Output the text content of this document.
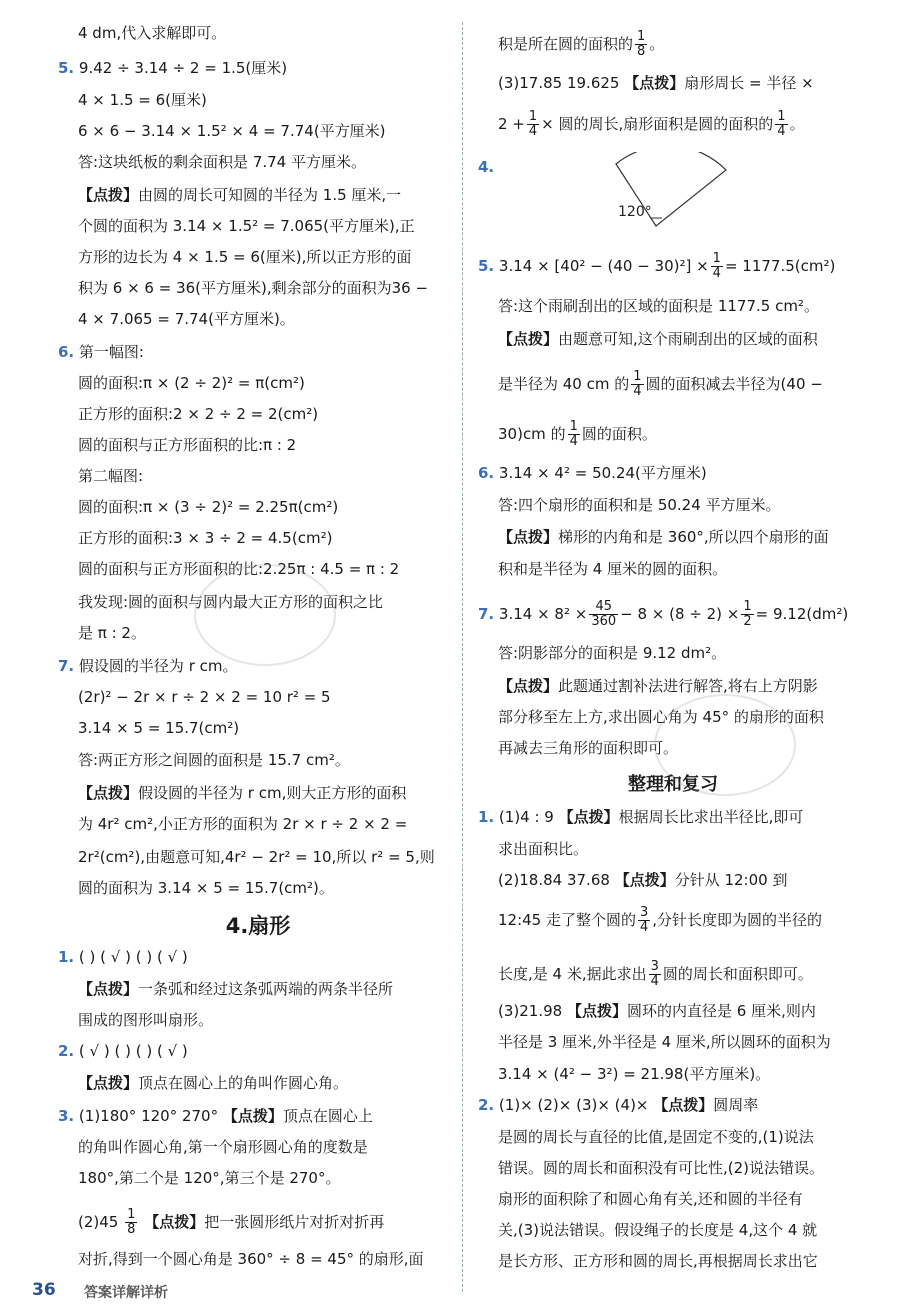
4 dm,代入求解即可。
5. 9.42 ÷ 3.14 ÷ 2 = 1.5(厘米)
4 × 1.5 = 6(厘米)
6 × 6 − 3.14 × 1.5² × 4 = 7.74(平方厘米)
答:这块纸板的剩余面积是 7.74 平方厘米。
【点拨】由圆的周长可知圆的半径为 1.5 厘米,一
个圆的面积为 3.14 × 1.5² = 7.065(平方厘米),正
方形的边长为 4 × 1.5 = 6(厘米),所以正方形的面
积为 6 × 6 = 36(平方厘米),剩余部分的面积为36 −
4 × 7.065 = 7.74(平方厘米)。
6. 第一幅图:
圆的面积:π × (2 ÷ 2)² = π(cm²)
正方形的面积:2 × 2 ÷ 2 = 2(cm²)
圆的面积与正方形面积的比:π : 2
第二幅图:
圆的面积:π × (3 ÷ 2)² = 2.25π(cm²)
正方形的面积:3 × 3 ÷ 2 = 4.5(cm²)
圆的面积与正方形面积的比:2.25π : 4.5 = π : 2
我发现:圆的面积与圆内最大正方形的面积之比
是 π : 2。
7. 假设圆的半径为 r cm。
(2r)² − 2r × r ÷ 2 × 2 = 10 r² = 5
3.14 × 5 = 15.7(cm²)
答:两正方形之间圆的面积是 15.7 cm²。
【点拨】假设圆的半径为 r cm,则大正方形的面积
为 4r² cm²,小正方形的面积为 2r × r ÷ 2 × 2 =
2r²(cm²),由题意可知,4r² − 2r² = 10,所以 r² = 5,则
圆的面积为 3.14 × 5 = 15.7(cm²)。
4.扇形
1. ( ) ( √ ) ( ) ( √ )
【点拨】一条弧和经过这条弧两端的两条半径所
围成的图形叫扇形。
2. ( √ ) ( ) ( ) ( √ )
【点拨】顶点在圆心上的角叫作圆心角。
3. (1)180° 120° 270° 【点拨】顶点在圆心上
的角叫作圆心角,第一个扇形圆心角的度数是
180°,第二个是 120°,第三个是 270°。
$(2)45 \frac{1}{8}$ 【点拨】把一张圆形纸片对折对折再
对折,得到一个圆心角是 360° ÷ 8 = 45° 的扇形,面
积是所在圆的面积的 $\frac{1}{8}$ 。
(3)17.85 19.625 【点拨】扇形周长 = 半径 ×
$2 + \frac{1}{4}$ × 圆的周长,扇形面积是圆的面积的 $\frac{1}{4}$ 。
4.
120°
5. $3.14 \times [40^2 - (40 - 30)^2] \times \frac{1}{4} = 1177.5(cm^2)$
答:这个雨刷刮出的区域的面积是 1177.5 cm²。
【点拨】由题意可知,这个雨刷刮出的区域的面积
是半径为 40 cm 的 $\frac{1}{4}$ 圆的面积减去半径为(40 −
30)cm 的 $\frac{1}{4}$ 圆的面积。
6. 3.14 × 4² = 50.24(平方厘米)
答:四个扇形的面积和是 50.24 平方厘米。
【点拨】梯形的内角和是 360°,所以四个扇形的面
积和是半径为 4 厘米的圆的面积。
7. $3.14 \times 8^2 \times \frac{45}{360} - 8 \times (8 \div 2) \times \frac{1}{2} = 9.12(dm^2)$
答:阴影部分的面积是 9.12 dm²。
【点拨】此题通过割补法进行解答,将右上方阴影
部分移至左上方,求出圆心角为 45° 的扇形的面积
再减去三角形的面积即可。
整理和复习
1. (1)4 : 9 【点拨】根据周长比求出半径比,即可
求出面积比。
(2)18.84 37.68 【点拨】分针从 12:00 到
12:45 走了整个圆的 $\frac{3}{4}$ ,分针长度即为圆的半径的
长度,是 4 米,据此求出 $\frac{3}{4}$ 圆的周长和面积即可。
(3)21.98 【点拨】圆环的内直径是 6 厘米,则内
半径是 3 厘米,外半径是 4 厘米,所以圆环的面积为
3.14 × (4² − 3²) = 21.98(平方厘米)。
2. (1)× (2)× (3)× (4)× 【点拨】圆周率
是圆的周长与直径的比值,是固定不变的,(1)说法
错误。圆的周长和面积没有可比性,(2)说法错误。
扇形的面积除了和圆心角有关,还和圆的半径有
关,(3)说法错误。假设绳子的长度是 4,这个 4 就
是长方形、正方形和圆的周长,再根据周长求出它
36	答案详解详析
